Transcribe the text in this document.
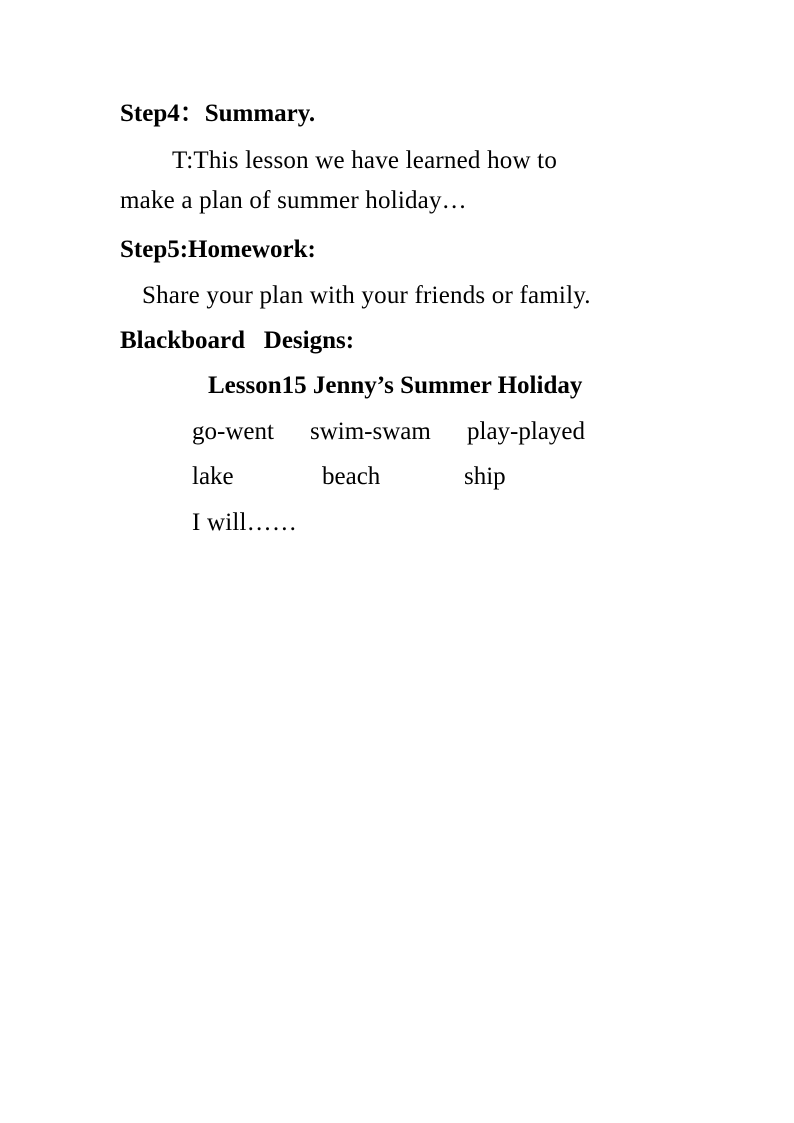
Step4：Summary.
T:This lesson we have learned how to
make a plan of summer holiday…
Step5:Homework:
Share your plan with your friends or family.
Blackboard   Designs:
Lesson15 Jenny’s Summer Holiday
go-went swim-swam play-played
lake	beach	ship
I will……
